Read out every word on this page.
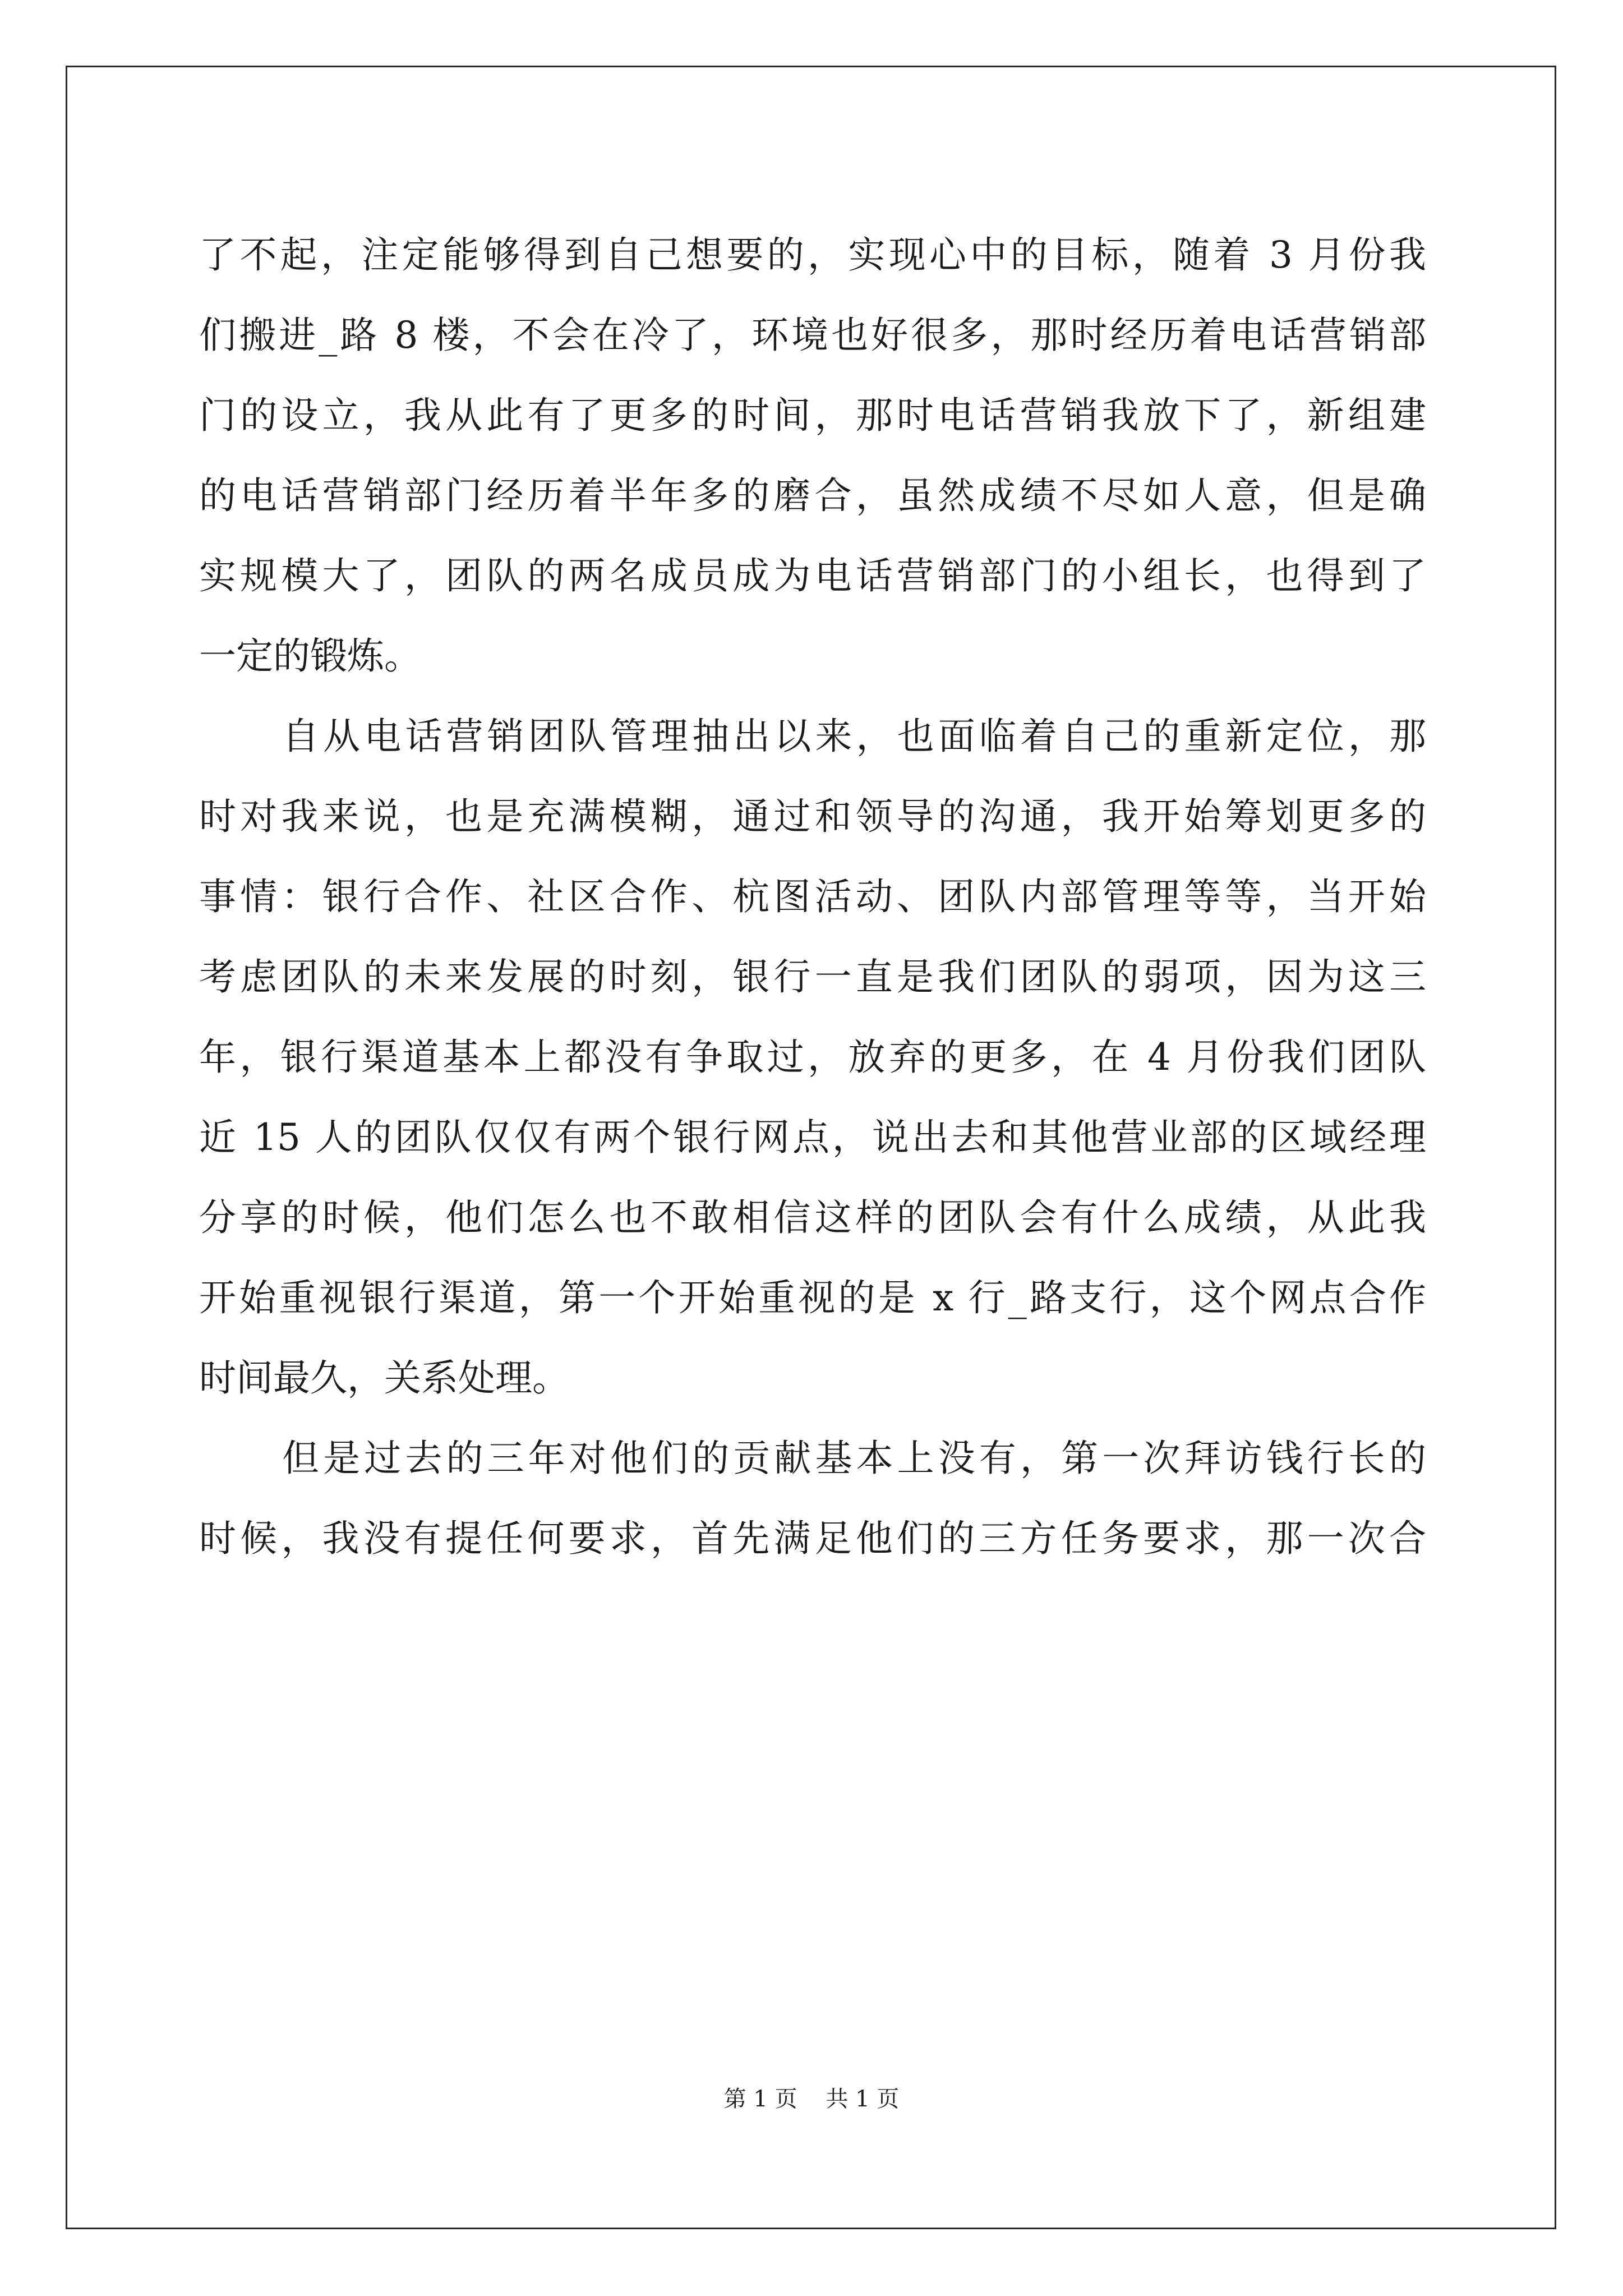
了不起，注定能够得到自己想要的，实现心中的目标，随着 3 月份我
们搬进_路 8 楼，不会在冷了，环境也好很多，那时经历着电话营销部
门的设立，我从此有了更多的时间，那时电话营销我放下了，新组建
的电话营销部门经历着半年多的磨合，虽然成绩不尽如人意，但是确
实规模大了，团队的两名成员成为电话营销部门的小组长，也得到了
一定的锻炼。
自从电话营销团队管理抽出以来，也面临着自己的重新定位，那
时对我来说，也是充满模糊，通过和领导的沟通，我开始筹划更多的
事情：银行合作、社区合作、杭图活动、团队内部管理等等，当开始
考虑团队的未来发展的时刻，银行一直是我们团队的弱项，因为这三
年，银行渠道基本上都没有争取过，放弃的更多，在 4 月份我们团队
近 15 人的团队仅仅有两个银行网点，说出去和其他营业部的区域经理
分享的时候，他们怎么也不敢相信这样的团队会有什么成绩，从此我
开始重视银行渠道，第一个开始重视的是 x 行_路支行，这个网点合作
时间最久，关系处理。
但是过去的三年对他们的贡献基本上没有，第一次拜访钱行长的
时候，我没有提任何要求，首先满足他们的三方任务要求，那一次合
第 1 页    共 1 页
